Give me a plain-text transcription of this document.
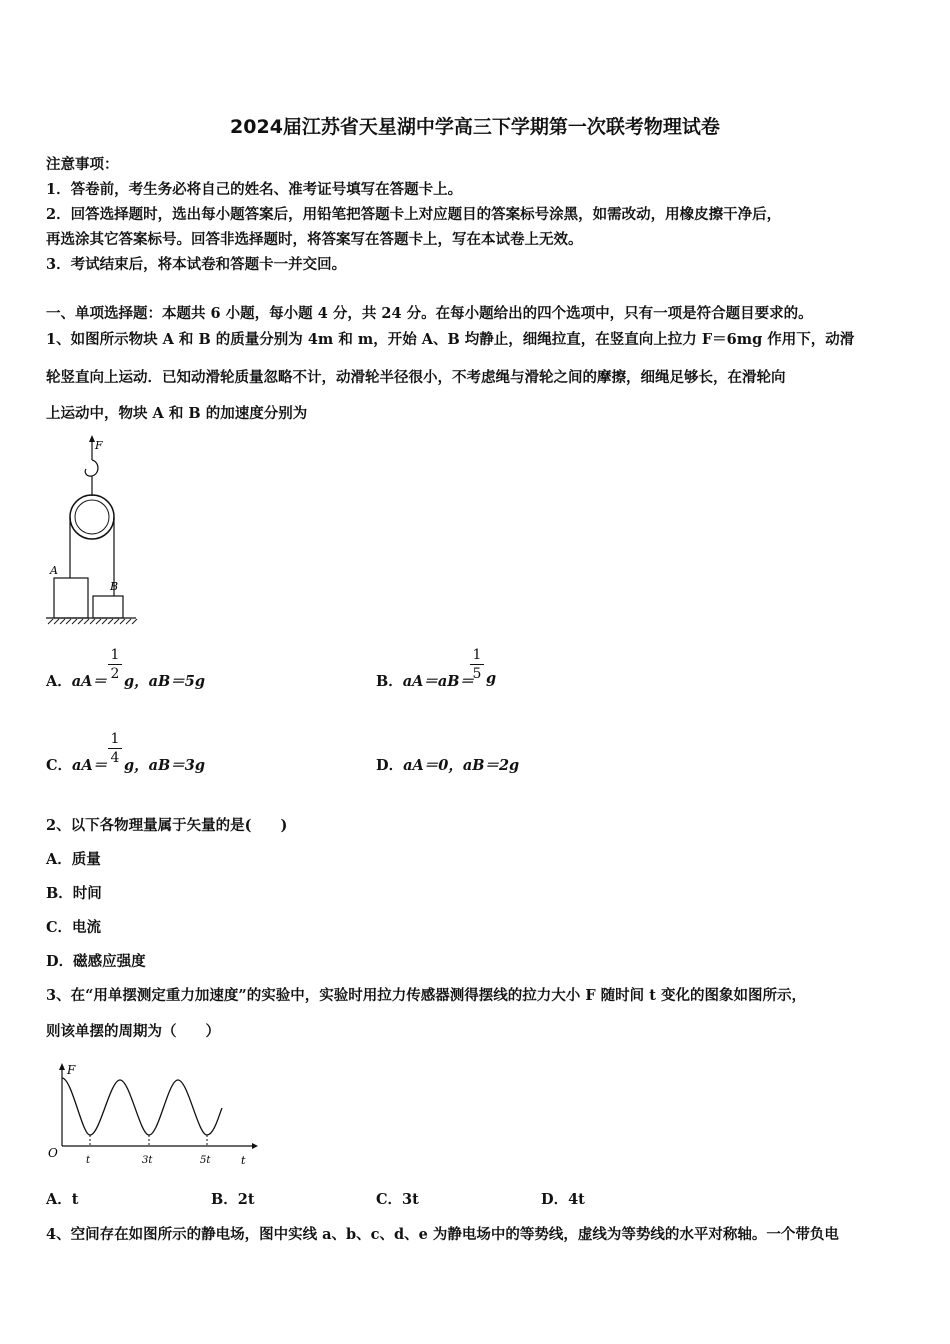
2024届江苏省天星湖中学高三下学期第一次联考物理试卷
注意事项：
1．答卷前，考生务必将自己的姓名、准考证号填写在答题卡上。
2．回答选择题时，选出每小题答案后，用铅笔把答题卡上对应题目的答案标号涂黑，如需改动，用橡皮擦干净后，
再选涂其它答案标号。回答非选择题时，将答案写在答题卡上，写在本试卷上无效。
3．考试结束后，将本试卷和答题卡一并交回。
一、单项选择题：本题共 6 小题，每小题 4 分，共 24 分。在每小题给出的四个选项中，只有一项是符合题目要求的。
1、如图所示物块 A 和 B 的质量分别为 4m 和 m，开始 A、B 均静止，细绳拉直，在竖直向上拉力 F＝6mg 作用下，动滑
轮竖直向上运动．已知动滑轮质量忽略不计，动滑轮半径很小，不考虑绳与滑轮之间的摩擦，细绳足够长，在滑轮向
上运动中，物块 A 和 B 的加速度分别为
F
A
B
A．aA＝
1
2 g，aB＝5g	B．aA＝aB＝
1
5 g
C．aA＝
1
4 g，aB＝3g	D．aA＝0，aB＝2g
2、以下各物理量属于矢量的是(　　)
A．质量
B．时间
C．电流
D．磁感应强度
3、在“用单摆测定重力加速度”的实验中，实验时用拉力传感器测得摆线的拉力大小 F 随时间 t 变化的图象如图所示，
则该单摆的周期为（　　）
F
O
t
t	3t	5t
A．t	B．2t	C．3t	D．4t
4、空间存在如图所示的静电场，图中实线 a、b、c、d、e 为静电场中的等势线，虚线为等势线的水平对称轴。一个带负电
